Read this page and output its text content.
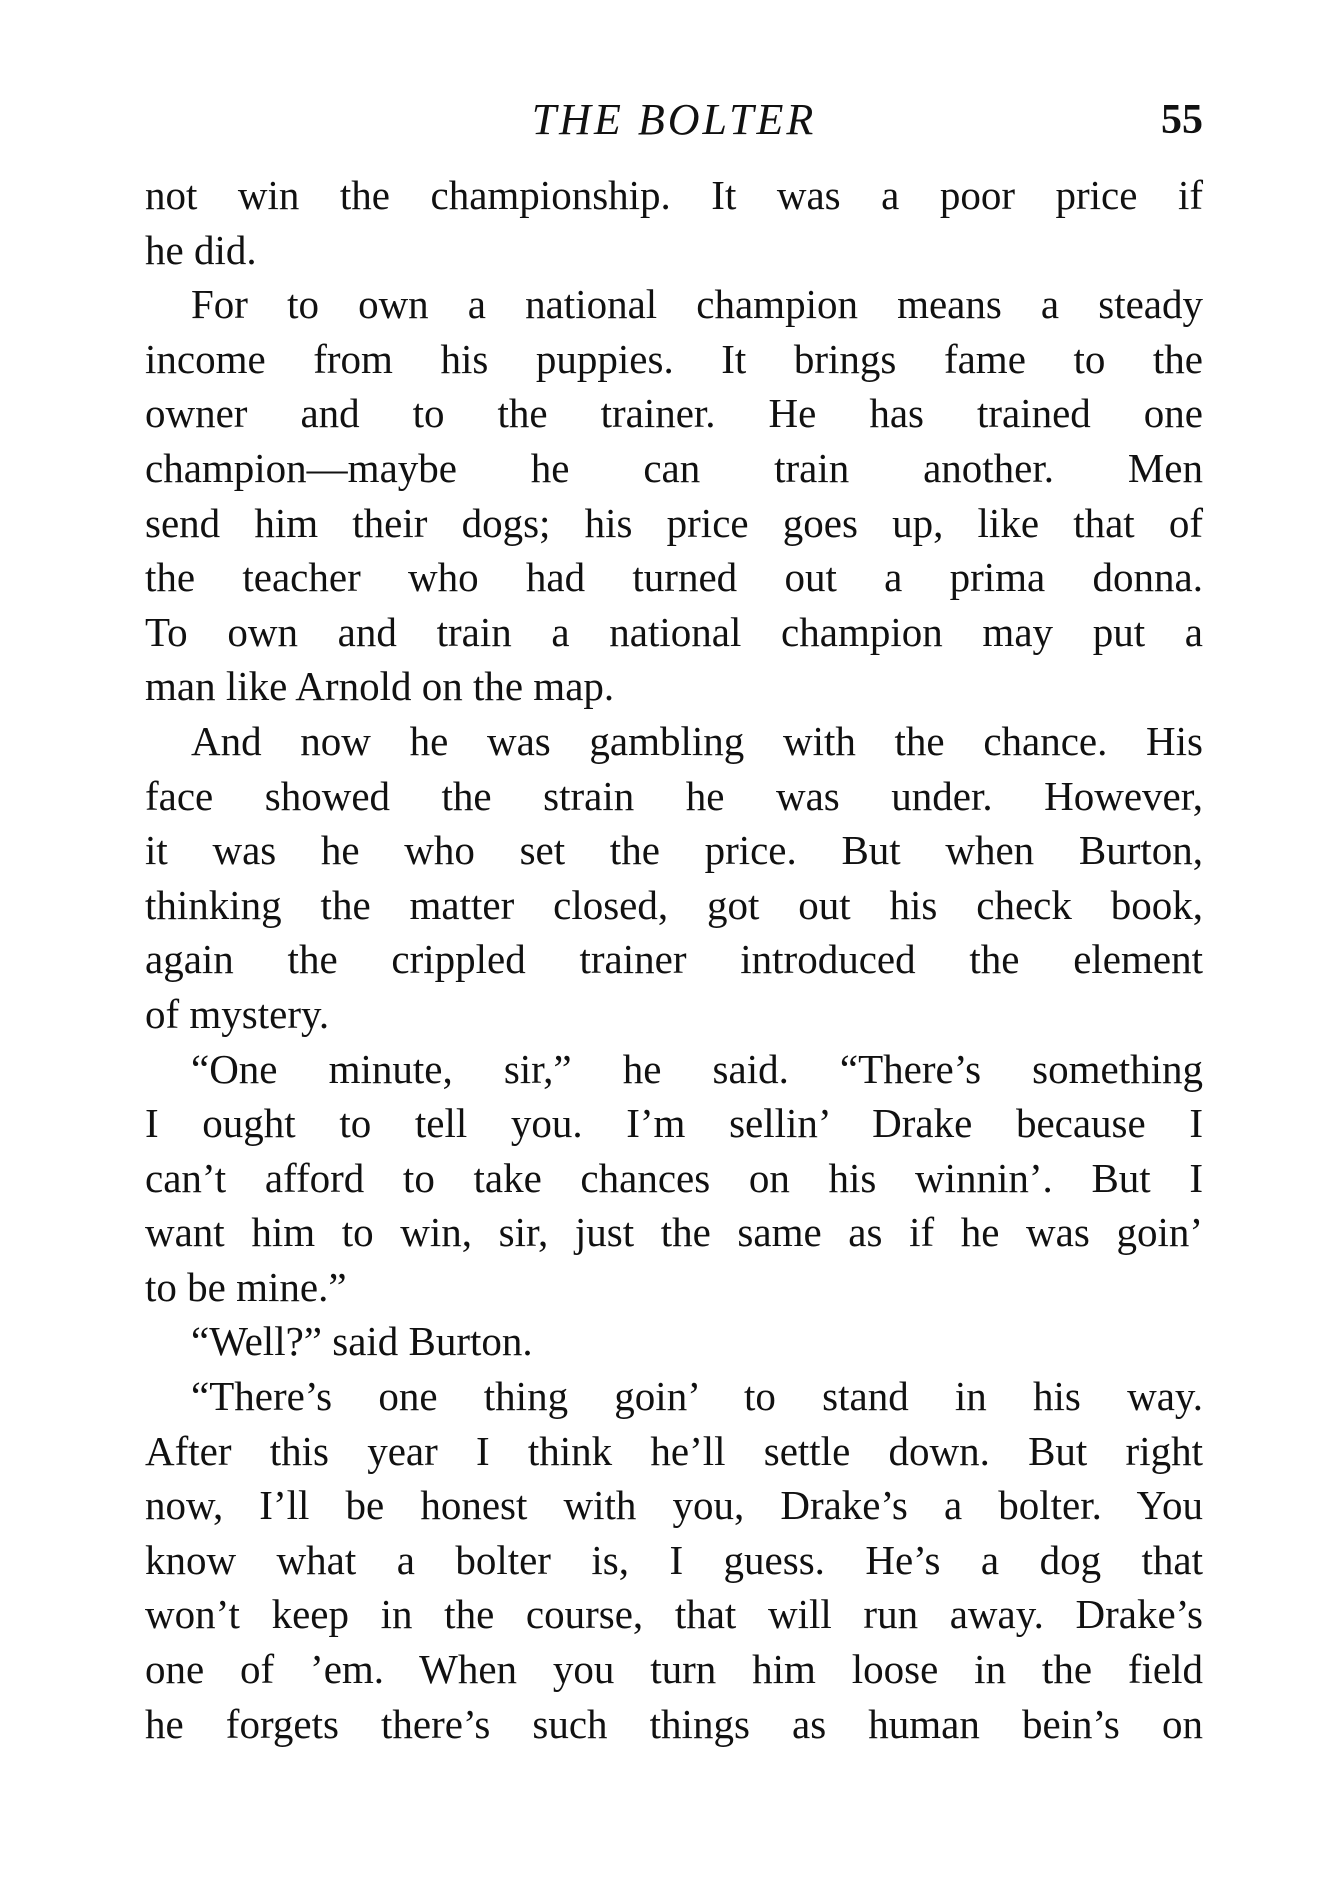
THE BOLTER	55
not win the championship. It was a poor price if
he did.
For to own a national champion means a steady
income from his puppies. It brings fame to the
owner and to the trainer. He has trained one
champion—maybe he can train another. Men
send him their dogs; his price goes up, like that of
the teacher who had turned out a prima donna.
To own and train a national champion may put a
man like Arnold on the map.
And now he was gambling with the chance. His
face showed the strain he was under. However,
it was he who set the price. But when Burton,
thinking the matter closed, got out his check book,
again the crippled trainer introduced the element
of mystery.
“One minute, sir,” he said. “There’s something
I ought to tell you. I’m sellin’ Drake because I
can’t afford to take chances on his winnin’. But I
want him to win, sir, just the same as if he was goin’
to be mine.”
“Well?” said Burton.
“There’s one thing goin’ to stand in his way.
After this year I think he’ll settle down. But right
now, I’ll be honest with you, Drake’s a bolter. You
know what a bolter is, I guess. He’s a dog that
won’t keep in the course, that will run away. Drake’s
one of ’em. When you turn him loose in the field
he forgets there’s such things as human bein’s on
